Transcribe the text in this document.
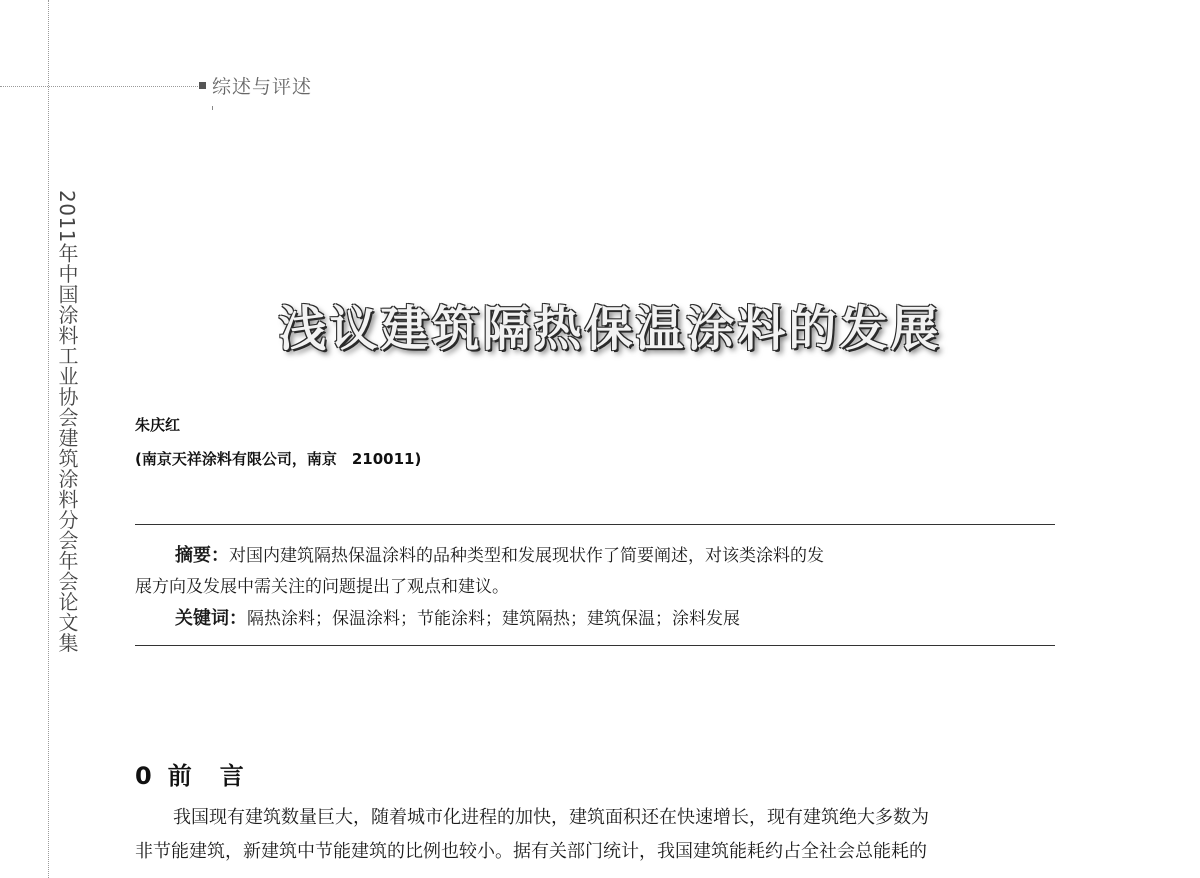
综述与评述
2011年中国涂料工业协会建筑涂料分会年会论文集	浅议建筑隔热保温涂料的发展
朱庆红
(南京天祥涂料有限公司，南京　210011)
摘要：对国内建筑隔热保温涂料的品种类型和发展现状作了简要阐述，对该类涂料的发
展方向及发展中需关注的问题提出了观点和建议。
关键词：隔热涂料；保温涂料；节能涂料；建筑隔热；建筑保温；涂料发展
0 前　言
我国现有建筑数量巨大，随着城市化进程的加快，建筑面积还在快速增长，现有建筑绝大多数为
非节能建筑，新建筑中节能建筑的比例也较小。据有关部门统计，我国建筑能耗约占全社会总能耗的
